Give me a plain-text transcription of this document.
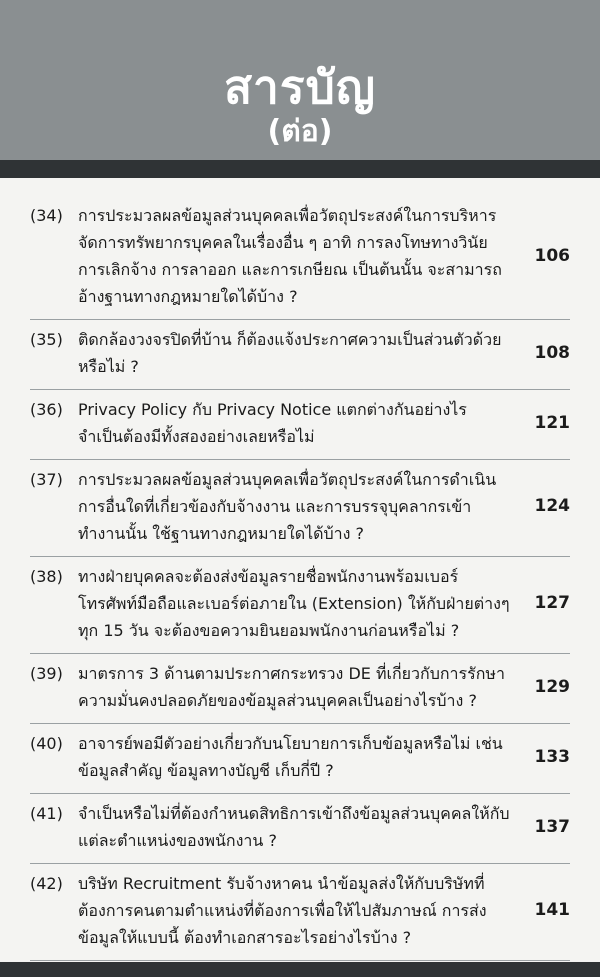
สารบัญ
(ต่อ)
(34) การประมวลผลข้อมูลส่วนบุคคลเพื่อวัตถุประสงค์ในการบริหารจัดการทรัพยากรบุคคลในเรื่องอื่น ๆ อาทิ การลงโทษทางวินัย การเลิกจ้าง การลาออก และการเกษียณ เป็นต้นนั้น จะสามารถอ้างฐานทางกฎหมายใดได้บ้าง ?
106
(35) ติดกล้องวงจรปิดที่บ้าน ก็ต้องแจ้งประกาศความเป็นส่วนตัวด้วยหรือไม่ ?
108
(36) Privacy Policy กับ Privacy Notice แตกต่างกันอย่างไร จำเป็นต้องมีทั้งสองอย่างเลยหรือไม่
121
(37) การประมวลผลข้อมูลส่วนบุคคลเพื่อวัตถุประสงค์ในการดำเนินการอื่นใดที่เกี่ยวข้องกับจ้างงาน และการบรรจุบุคลากรเข้าทำงานนั้น ใช้ฐานทางกฎหมายใดได้บ้าง ?
124
(38) ทางฝ่ายบุคคลจะต้องส่งข้อมูลรายชื่อพนักงานพร้อมเบอร์โทรศัพท์มือถือและเบอร์ต่อภายใน (Extension) ให้กับฝ่ายต่างๆ ทุก 15 วัน จะต้องขอความยินยอมพนักงานก่อนหรือไม่ ?
127
(39) มาตรการ 3 ด้านตามประกาศกระทรวง DE ที่เกี่ยวกับการรักษาความมั่นคงปลอดภัยของข้อมูลส่วนบุคคลเป็นอย่างไรบ้าง ?
129
(40) อาจารย์พอมีตัวอย่างเกี่ยวกับนโยบายการเก็บข้อมูลหรือไม่ เช่น ข้อมูลสำคัญ ข้อมูลทางบัญชี เก็บกี่ปี ?
133
(41) จำเป็นหรือไม่ที่ต้องกำหนดสิทธิการเข้าถึงข้อมูลส่วนบุคคลให้กับแต่ละตำแหน่งของพนักงาน ?
137
(42) บริษัท Recruitment รับจ้างหาคน นำข้อมูลส่งให้กับบริษัทที่ต้องการคนตามตำแหน่งที่ต้องการเพื่อให้ไปสัมภาษณ์ การส่งข้อมูลให้แบบนี้ ต้องทำเอกสารอะไรอย่างไรบ้าง ?
141
